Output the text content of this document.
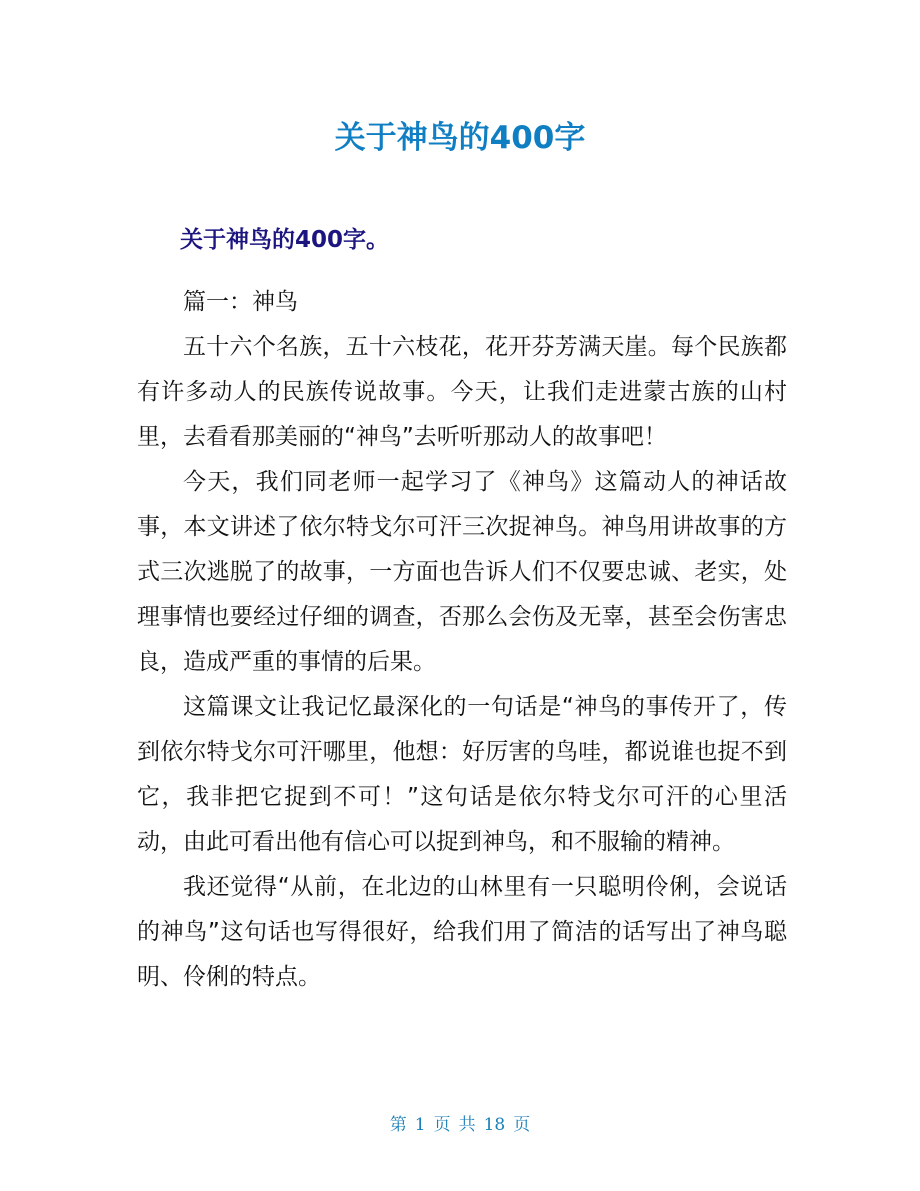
关于神鸟的400字
关于神鸟的400字。

篇一：神鸟

五十六个名族，五十六枝花，花开芬芳满天崖。每个民族都有许多动人的民族传说故事。今天，让我们走进蒙古族的山村里，去看看那美丽的“神鸟”去听听那动人的故事吧！

今天，我们同老师一起学习了《神鸟》这篇动人的神话故事，本文讲述了依尔特戈尔可汗三次捉神鸟。神鸟用讲故事的方式三次逃脱了的故事，一方面也告诉人们不仅要忠诚、老实，处理事情也要经过仔细的调查，否那么会伤及无辜，甚至会伤害忠良，造成严重的事情的后果。

这篇课文让我记忆最深化的一句话是“神鸟的事传开了，传到依尔特戈尔可汗哪里，他想：好厉害的鸟哇，都说谁也捉不到它，我非把它捉到不可！”这句话是依尔特戈尔可汗的心里活动，由此可看出他有信心可以捉到神鸟，和不服输的精神。

我还觉得“从前，在北边的山林里有一只聪明伶俐，会说话的神鸟”这句话也写得很好，给我们用了简洁的话写出了神鸟聪明、伶俐的特点。

第 1 页 共 18 页
